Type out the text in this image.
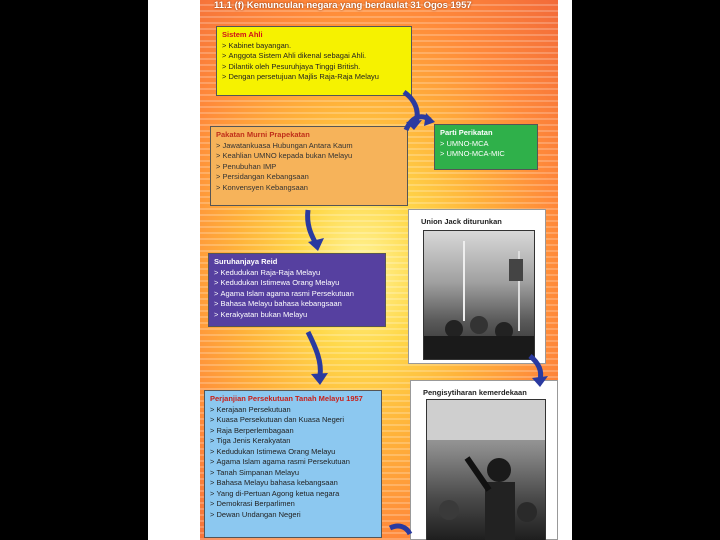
11.1 (f) Kemunculan negara yang berdaulat 31 Ogos 1957
Sistem Ahli
> Kabinet bayangan.
> Anggota Sistem Ahli dikenal sebagai Ahli.
> Dilantik oleh Pesuruhjaya Tinggi British.
> Dengan persetujuan Majlis Raja-Raja Melayu
Pakatan Murni Prapekatan
> Jawatankuasa Hubungan Antara Kaum
> Keahlian UMNO kepada bukan Melayu
> Penubuhan IMP
> Persidangan Kebangsaan
> Konvensyen Kebangsaan
Parti Perikatan
> UMNO-MCA
> UMNO-MCA-MIC
Union Jack diturunkan
Suruhanjaya Reid
> Kedudukan Raja-Raja Melayu
> Kedudukan Istimewa Orang Melayu
> Agama Islam agama rasmi Persekutuan
> Bahasa Melayu bahasa kebangsaan
> Kerakyatan bukan Melayu
Pengisytiharan kemerdekaan
Perjanjian Persekutuan Tanah Melayu 1957
> Kerajaan Persekutuan
> Kuasa Persekutuan dan Kuasa Negeri
> Raja Berperlembagaan
> Tiga Jenis Kerakyatan
> Kedudukan Istimewa Orang Melayu
> Agama Islam agama rasmi Persekutuan
> Tanah Simpanan Melayu
> Bahasa Melayu bahasa kebangsaan
> Yang di-Pertuan Agong ketua negara
> Demokrasi Berparlimen
> Dewan Undangan Negeri
